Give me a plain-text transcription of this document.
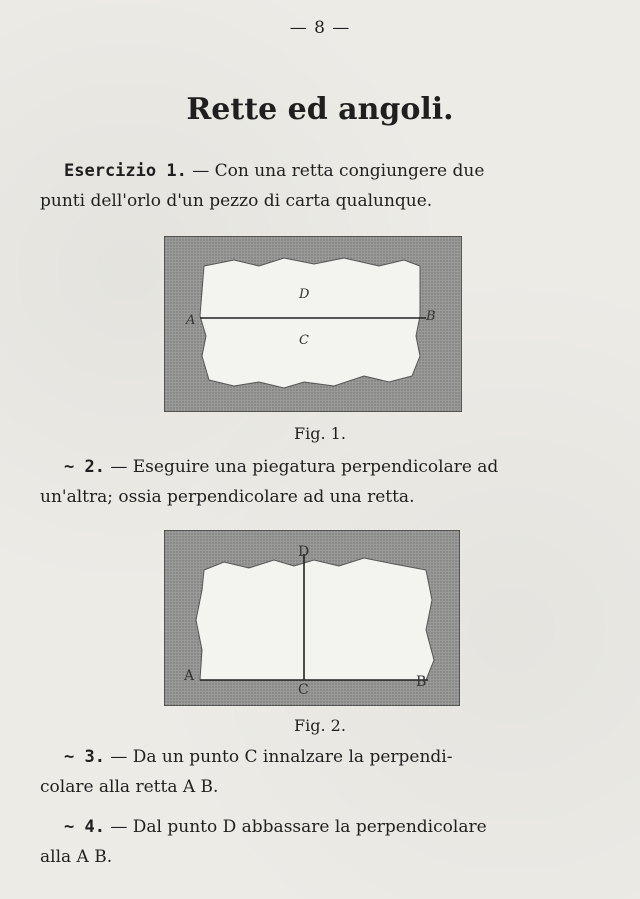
— 8 —
Rette ed angoli.
Esercizio 1. — Con una retta congiungere due
punti dell'orlo d'un pezzo di carta qualunque.
A	B
D
C
Fig. 1.
~ 2. — Eseguire una piegatura perpendicolare ad
un'altra; ossia perpendicolare ad una retta.
A	B
C
D
Fig. 2.
~ 3. — Da un punto C innalzare la perpendi-
colare alla retta A B.
~ 4. — Dal punto D abbassare la perpendicolare
alla A B.
